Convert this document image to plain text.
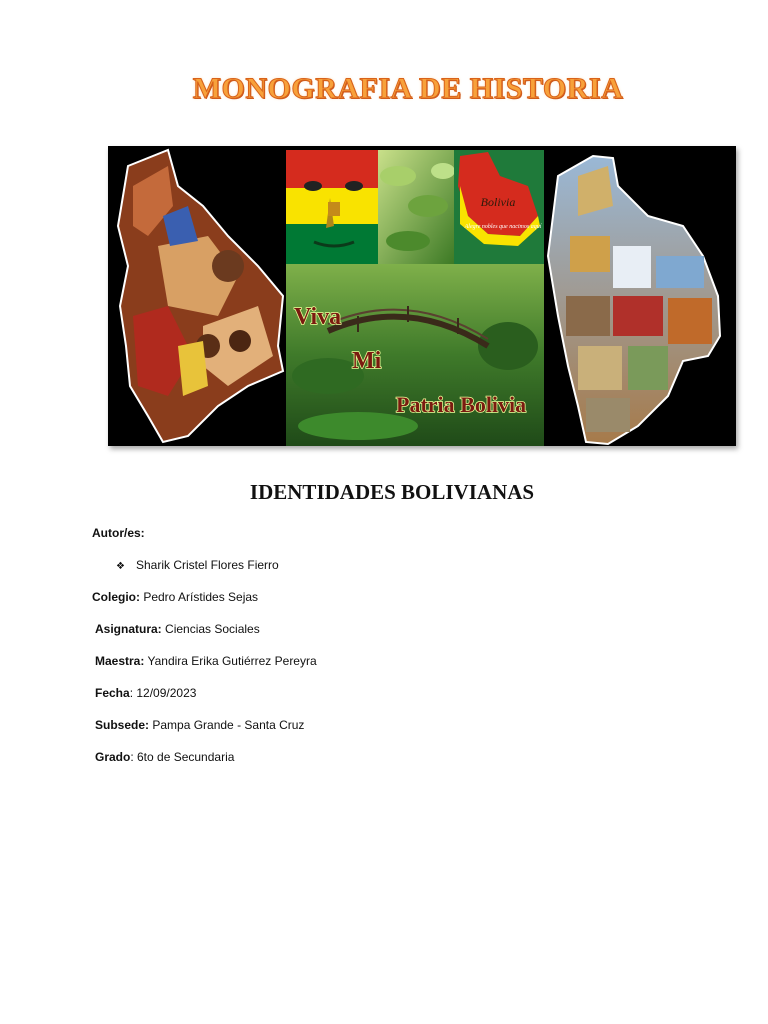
MONOGRAFIA DE HISTORIA
Bolivia
Alegre nobles que nacimos aquí
Viva
Mi
Patria Bolivia
IDENTIDADES BOLIVIANAS
Autor/es:
❖ Sharik Cristel Flores Fierro
Colegio: Pedro Arístides Sejas
Asignatura: Ciencias Sociales
Maestra: Yandira Erika Gutiérrez Pereyra
Fecha: 12/09/2023
Subsede: Pampa Grande - Santa Cruz
Grado: 6to de Secundaria
